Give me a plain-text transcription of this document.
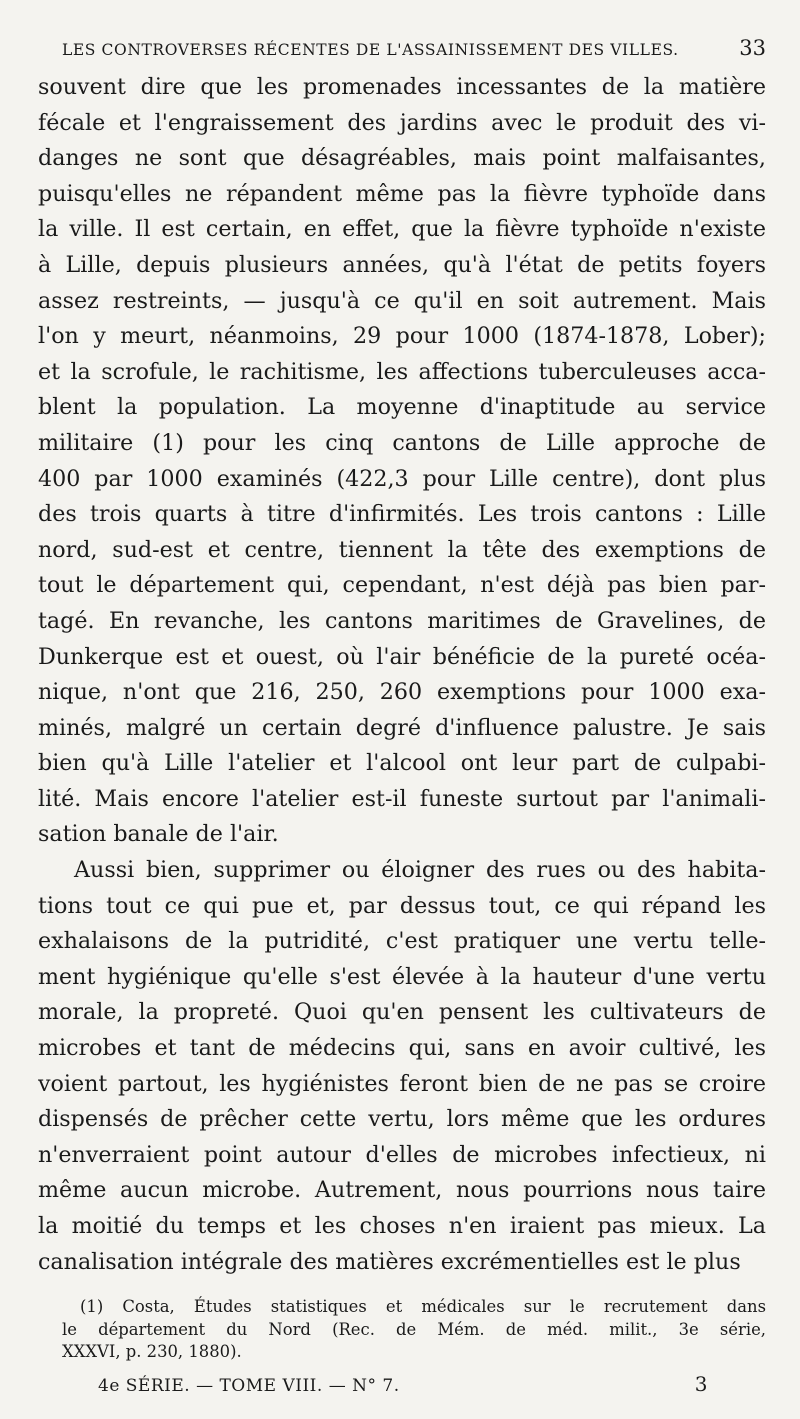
LES CONTROVERSES RÉCENTES DE L'ASSAINISSEMENT DES VILLES.	33
souvent dire que les promenades incessantes de la matière
fécale et l'engraissement des jardins avec le produit des vi-
danges ne sont que désagréables, mais point malfaisantes,
puisqu'elles ne répandent même pas la fièvre typhoïde dans
la ville. Il est certain, en effet, que la fièvre typhoïde n'existe
à Lille, depuis plusieurs années, qu'à l'état de petits foyers
assez restreints, — jusqu'à ce qu'il en soit autrement. Mais
l'on y meurt, néanmoins, 29 pour 1000 (1874-1878, Lober);
et la scrofule, le rachitisme, les affections tuberculeuses acca-
blent la population. La moyenne d'inaptitude au service
militaire (1) pour les cinq cantons de Lille approche de
400 par 1000 examinés (422,3 pour Lille centre), dont plus
des trois quarts à titre d'infirmités. Les trois cantons : Lille
nord, sud-est et centre, tiennent la tête des exemptions de
tout le département qui, cependant, n'est déjà pas bien par-
tagé. En revanche, les cantons maritimes de Gravelines, de
Dunkerque est et ouest, où l'air bénéficie de la pureté océa-
nique, n'ont que 216, 250, 260 exemptions pour 1000 exa-
minés, malgré un certain degré d'influence palustre. Je sais
bien qu'à Lille l'atelier et l'alcool ont leur part de culpabi-
lité. Mais encore l'atelier est-il funeste surtout par l'animali-
sation banale de l'air.
Aussi bien, supprimer ou éloigner des rues ou des habita-
tions tout ce qui pue et, par dessus tout, ce qui répand les
exhalaisons de la putridité, c'est pratiquer une vertu telle-
ment hygiénique qu'elle s'est élevée à la hauteur d'une vertu
morale, la propreté. Quoi qu'en pensent les cultivateurs de
microbes et tant de médecins qui, sans en avoir cultivé, les
voient partout, les hygiénistes feront bien de ne pas se croire
dispensés de prêcher cette vertu, lors même que les ordures
n'enverraient point autour d'elles de microbes infectieux, ni
même aucun microbe. Autrement, nous pourrions nous taire
la moitié du temps et les choses n'en iraient pas mieux. La
canalisation intégrale des matières excrémentielles est le plus
(1) Costa, Études statistiques et médicales sur le recrutement dans
le département du Nord (Rec. de Mém. de méd. milit., 3e série,
XXXVI, p. 230, 1880).
4e SÉRIE. — TOME VIII. — N° 7.	3
